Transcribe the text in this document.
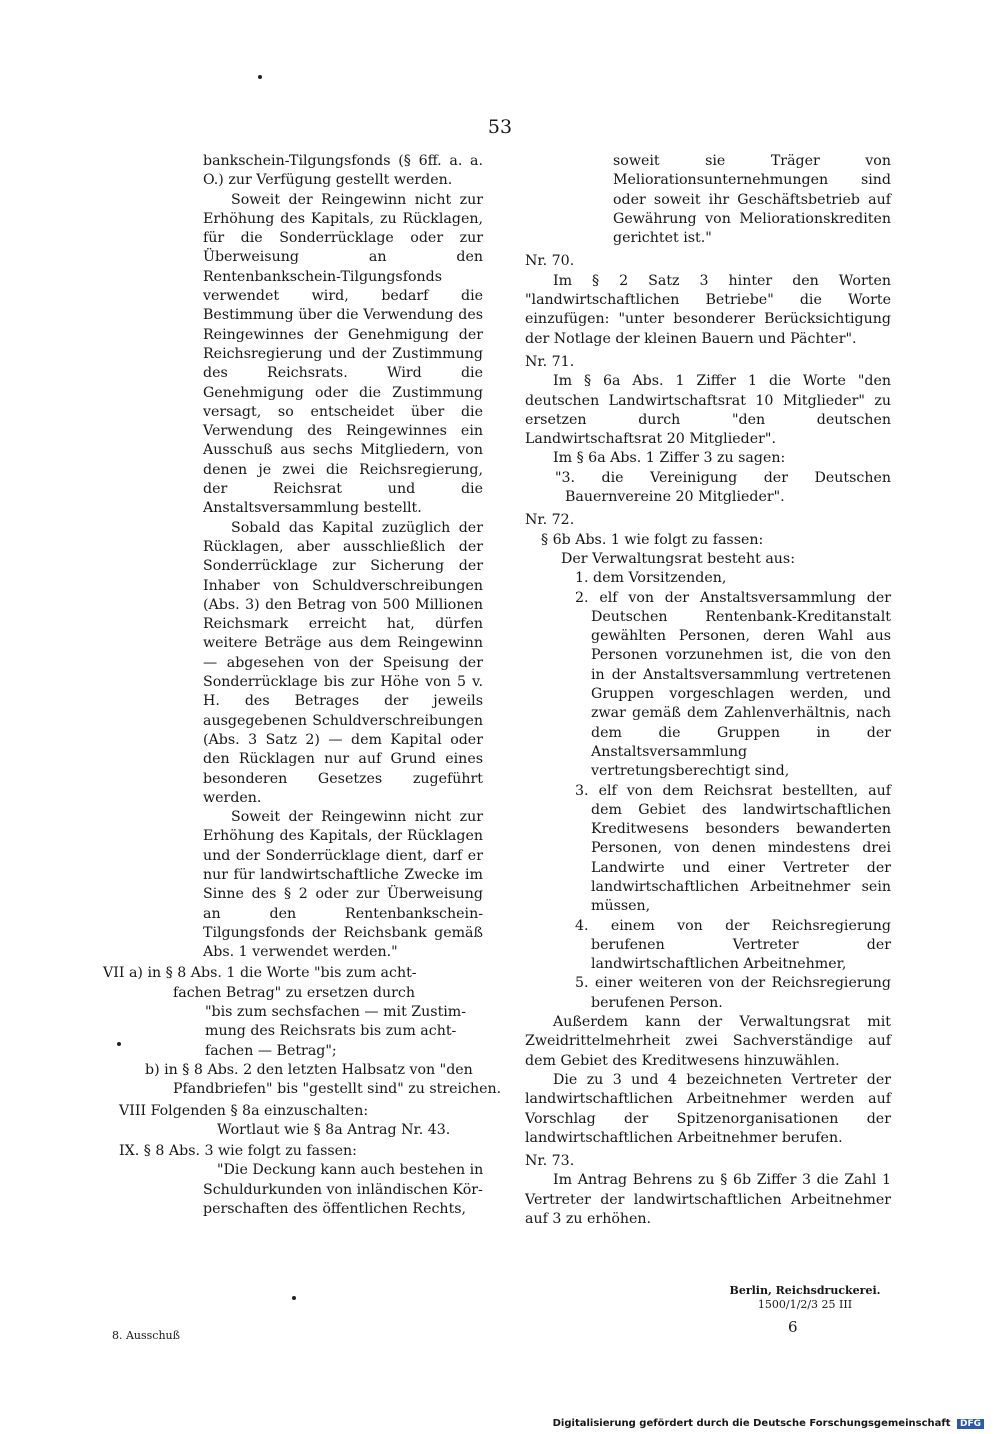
53

bankschein-Tilgungsfonds (§ 6ff. a. a. O.) zur Verfügung gestellt werden.

Soweit der Reingewinn nicht zur Erhöhung des Kapitals, zu Rücklagen, für die Sonderrücklage oder zur Überweisung an den Rentenbankschein-Tilgungsfonds verwendet wird, bedarf die Bestimmung über die Verwendung des Reingewinnes der Genehmigung der Reichsregierung und der Zustimmung des Reichsrats. Wird die Genehmigung oder die Zustimmung versagt, so entscheidet über die Verwendung des Reingewinnes ein Ausschuß aus sechs Mitgliedern, von denen je zwei die Reichsregierung, der Reichsrat und die Anstaltsversammlung bestellt.

Sobald das Kapital zuzüglich der Rücklagen, aber ausschließlich der Sonderrücklage zur Sicherung der Inhaber von Schuldverschreibungen (Abs. 3) den Betrag von 500 Millionen Reichsmark erreicht hat, dürfen weitere Beträge aus dem Reingewinn — abgesehen von der Speisung der Sonderrücklage bis zur Höhe von 5 v. H. des Betrages der jeweils ausgegebenen Schuldverschreibungen (Abs. 3 Satz 2) — dem Kapital oder den Rücklagen nur auf Grund eines besonderen Gesetzes zugeführt werden.

Soweit der Reingewinn nicht zur Erhöhung des Kapitals, der Rücklagen und der Sonderrücklage dient, darf er nur für landwirtschaftliche Zwecke im Sinne des § 2 oder zur Überweisung an den Rentenbankschein-Tilgungsfonds der Reichsbank gemäß Abs. 1 verwendet werden."

VII a) in § 8 Abs. 1 die Worte "bis zum acht-
fachen Betrag" zu ersetzen durch
"bis zum sechsfachen — mit Zustim-
mung des Reichsrats bis zum acht-
fachen — Betrag";
b) in § 8 Abs. 2 den letzten Halbsatz von "den
Pfandbriefen" bis "gestellt sind" zu streichen.

VIII Folgenden § 8a einzuschalten:
Wortlaut wie § 8a Antrag Nr. 43.

IX. § 8 Abs. 3 wie folgt zu fassen:
"Die Deckung kann auch bestehen in
Schuldurkunden von inländischen Kör-
perschaften des öffentlichen Rechts,

soweit sie Träger von Meliorationsunternehmungen sind oder soweit ihr Geschäftsbetrieb auf Gewährung von Meliorationskrediten gerichtet ist."

Nr. 70.

Im § 2 Satz 3 hinter den Worten "landwirtschaftlichen Betriebe" die Worte einzufügen: "unter besonderer Berücksichtigung der Notlage der kleinen Bauern und Pächter".

Nr. 71.

Im § 6a Abs. 1 Ziffer 1 die Worte "den deutschen Landwirtschaftsrat 10 Mitglieder" zu ersetzen durch "den deutschen Landwirtschaftsrat 20 Mitglieder".

Im § 6a Abs. 1 Ziffer 3 zu sagen:

"3. die Vereinigung der Deutschen Bauernvereine 20 Mitglieder".

Nr. 72.

§ 6b Abs. 1 wie folgt zu fassen:

Der Verwaltungsrat besteht aus:

1. dem Vorsitzenden,

2. elf von der Anstaltsversammlung der Deutschen Rentenbank-Kreditanstalt gewählten Personen, deren Wahl aus Personen vorzunehmen ist, die von den in der Anstaltsversammlung vertretenen Gruppen vorgeschlagen werden, und zwar gemäß dem Zahlenverhältnis, nach dem die Gruppen in der Anstaltsversammlung vertretungsberechtigt sind,

3. elf von dem Reichsrat bestellten, auf dem Gebiet des landwirtschaftlichen Kreditwesens besonders bewanderten Personen, von denen mindestens drei Landwirte und einer Vertreter der landwirtschaftlichen Arbeitnehmer sein müssen,

4. einem von der Reichsregierung berufenen Vertreter der landwirtschaftlichen Arbeitnehmer,

5. einer weiteren von der Reichsregierung berufenen Person.

Außerdem kann der Verwaltungsrat mit Zweidrittelmehrheit zwei Sachverständige auf dem Gebiet des Kreditwesens hinzuwählen.

Die zu 3 und 4 bezeichneten Vertreter der landwirtschaftlichen Arbeitnehmer werden auf Vorschlag der Spitzenorganisationen der landwirtschaftlichen Arbeitnehmer berufen.

Nr. 73.

Im Antrag Behrens zu § 6b Ziffer 3 die Zahl 1 Vertreter der landwirtschaftlichen Arbeitnehmer auf 3 zu erhöhen.

Berlin, Reichsdruckerei.
1500/1/2/3 25 III
6
8. Ausschuß
Digitalisierung gefördert durch die Deutsche Forschungsgemeinschaft DFG
